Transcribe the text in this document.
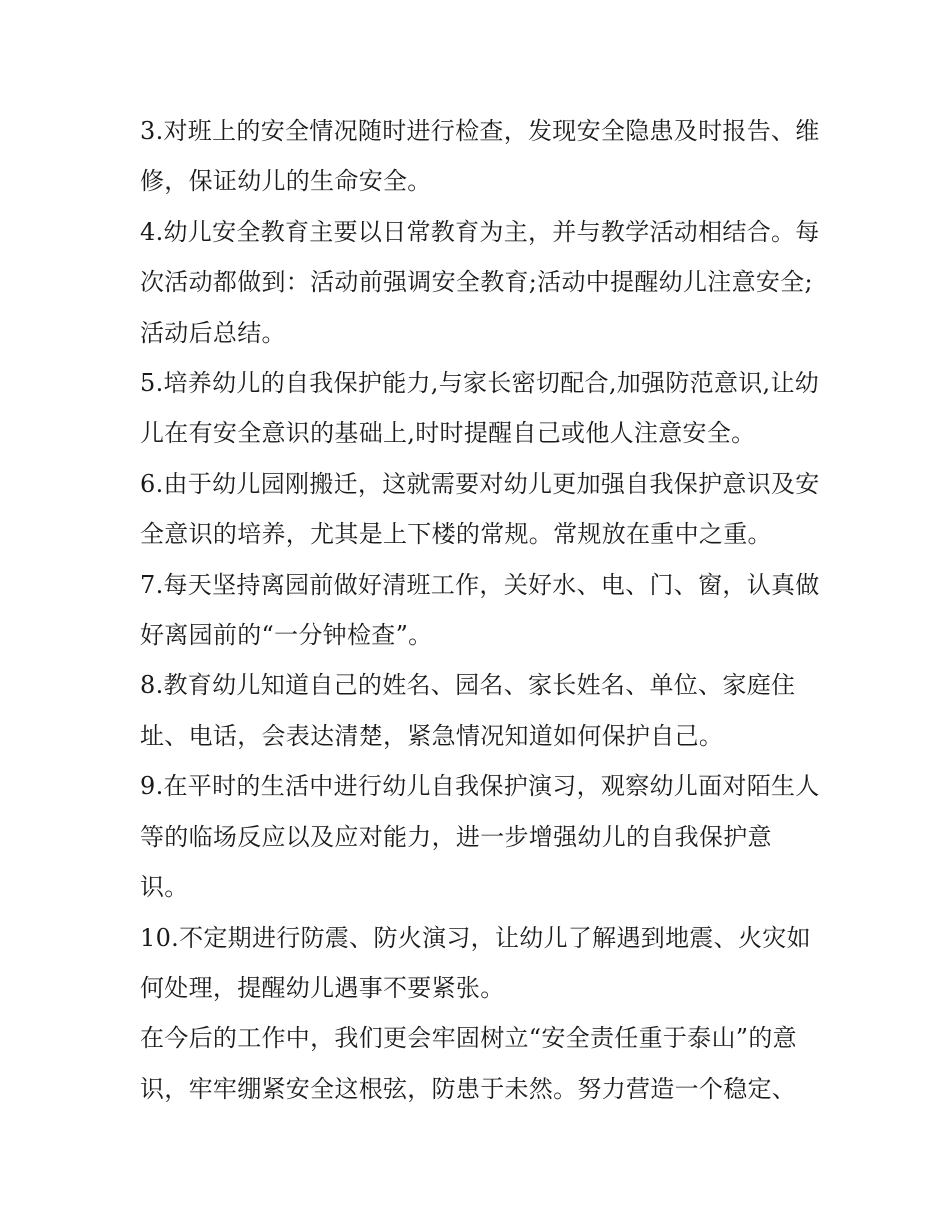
3.对班上的安全情况随时进行检查，发现安全隐患及时报告、维修，保证幼儿的生命安全。

4.幼儿安全教育主要以日常教育为主，并与教学活动相结合。每次活动都做到：活动前强调安全教育;活动中提醒幼儿注意安全;活动后总结。

5.培养幼儿的自我保护能力,与家长密切配合,加强防范意识,让幼儿在有安全意识的基础上,时时提醒自己或他人注意安全。

6.由于幼儿园刚搬迁，这就需要对幼儿更加强自我保护意识及安全意识的培养，尤其是上下楼的常规。常规放在重中之重。

7.每天坚持离园前做好清班工作，关好水、电、门、窗，认真做好离园前的“一分钟检查”。

8.教育幼儿知道自己的姓名、园名、家长姓名、单位、家庭住址、电话，会表达清楚，紧急情况知道如何保护自己。

9.在平时的生活中进行幼儿自我保护演习，观察幼儿面对陌生人等的临场反应以及应对能力，进一步增强幼儿的自我保护意识。

10.不定期进行防震、防火演习，让幼儿了解遇到地震、火灾如何处理，提醒幼儿遇事不要紧张。

在今后的工作中，我们更会牢固树立“安全责任重于泰山”的意识，牢牢绷紧安全这根弦，防患于未然。努力营造一个稳定、
